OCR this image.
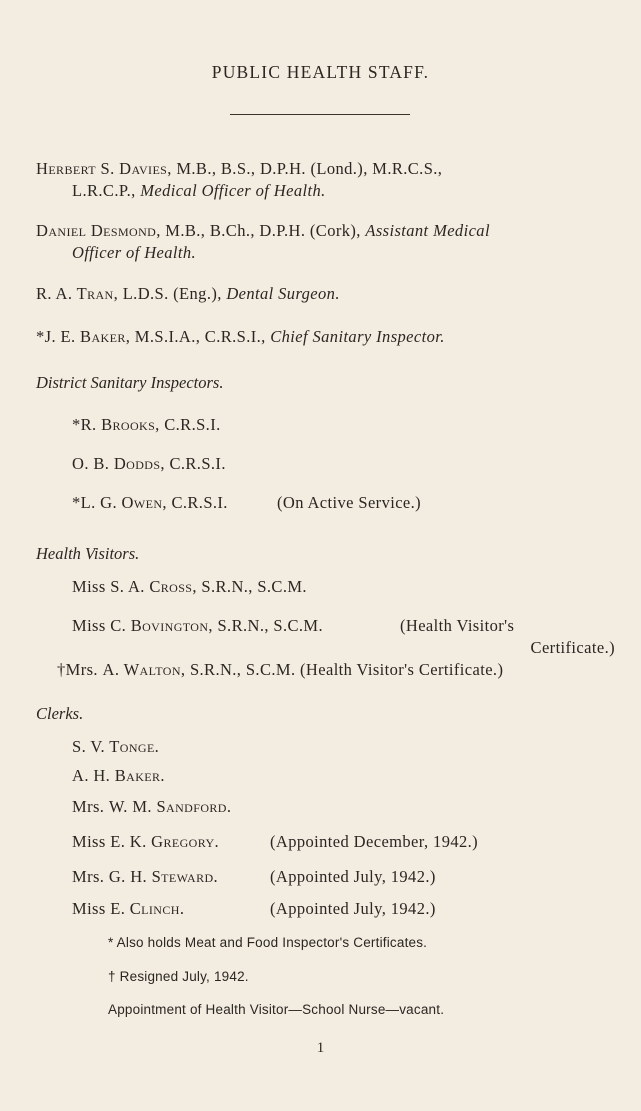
PUBLIC HEALTH STAFF.
Herbert S. Davies, M.B., B.S., D.P.H. (Lond.), M.R.C.S.,
L.R.C.P., Medical Officer of Health.
Daniel Desmond, M.B., B.Ch., D.P.H. (Cork), Assistant Medical
Officer of Health.
R. A. Tran, L.D.S. (Eng.), Dental Surgeon.
*J. E. Baker, M.S.I.A., C.R.S.I., Chief Sanitary Inspector.
District Sanitary Inspectors.
*R. Brooks, C.R.S.I.
O. B. Dodds, C.R.S.I.
*L. G. Owen, C.R.S.I.	(On Active Service.)
Health Visitors.
Miss S. A. Cross, S.R.N., S.C.M.
Miss C. Bovington, S.R.N., S.C.M.	(Health Visitor's
Certificate.)
†Mrs. A. Walton, S.R.N., S.C.M. (Health Visitor's Certificate.)
Clerks.
S. V. Tonge.
A. H. Baker.
Mrs. W. M. Sandford.
Miss E. K. Gregory.	(Appointed December, 1942.)
Mrs. G. H. Steward.	(Appointed July, 1942.)
Miss E. Clinch.	(Appointed July, 1942.)
* Also holds Meat and Food Inspector's Certificates.
† Resigned July, 1942.
Appointment of Health Visitor—School Nurse—vacant.
1
